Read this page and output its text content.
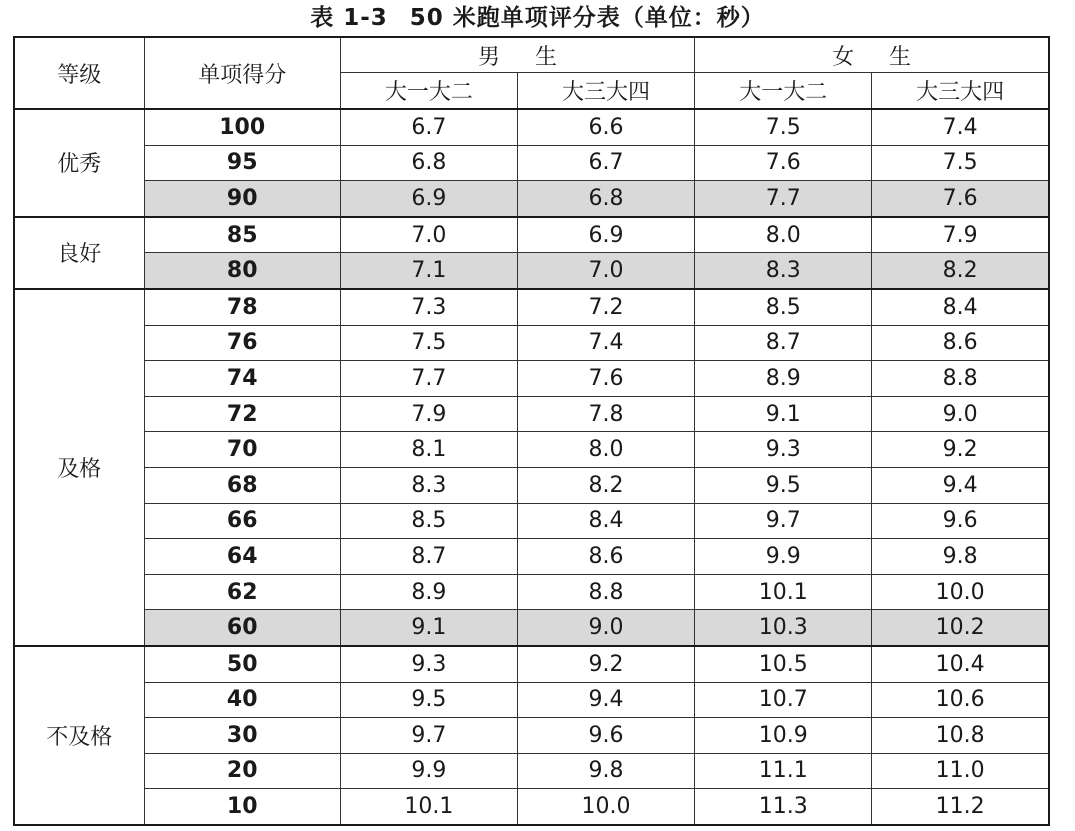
表 1-3 50 米跑单项评分表（单位：秒）
等级	单项得分	男 生		女 生	
		大一大二	大三大四	大一大二	大三大四
优秀	100	6.7	6.6	7.5	7.4
	95	6.8	6.7	7.6	7.5
	90	6.9	6.8	7.7	7.6
良好	85	7.0	6.9	8.0	7.9
	80	7.1	7.0	8.3	8.2
及格	78	7.3	7.2	8.5	8.4
	76	7.5	7.4	8.7	8.6
	74	7.7	7.6	8.9	8.8
	72	7.9	7.8	9.1	9.0
	70	8.1	8.0	9.3	9.2
	68	8.3	8.2	9.5	9.4
	66	8.5	8.4	9.7	9.6
	64	8.7	8.6	9.9	9.8
	62	8.9	8.8	10.1	10.0
	60	9.1	9.0	10.3	10.2
不及格	50	9.3	9.2	10.5	10.4
	40	9.5	9.4	10.7	10.6
	30	9.7	9.6	10.9	10.8
	20	9.9	9.8	11.1	11.0
	10	10.1	10.0	11.3	11.2
